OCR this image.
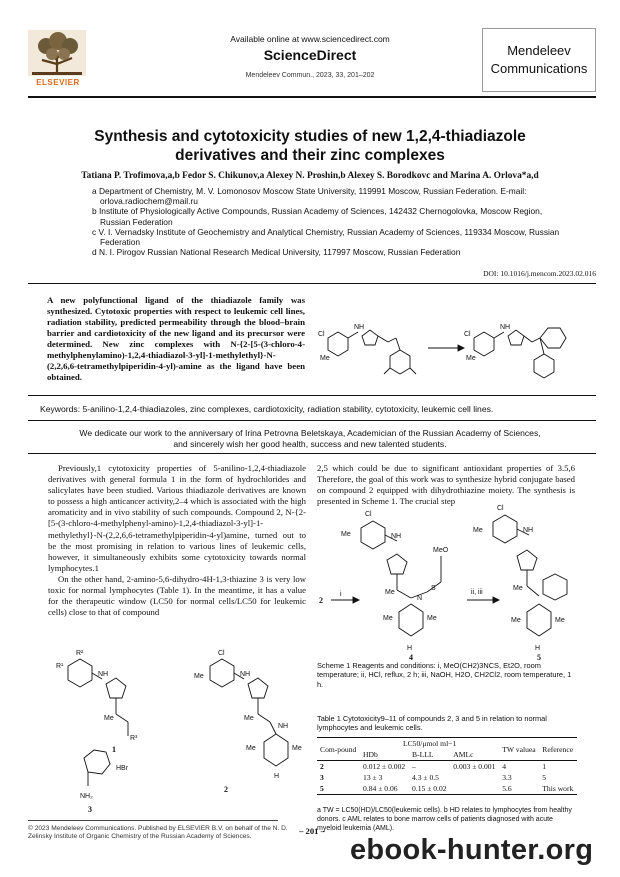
ELSEVIER
Available online at www.sciencedirect.com
ScienceDirect
Mendeleev Commun., 2023, 33, 201–202
Mendeleev
Communications
Synthesis and cytotoxicity studies of new 1,2,4-thiadiazole
derivatives and their zinc complexes
Tatiana P. Trofimova,a,b Fedor S. Chikunov,a Alexey N. Proshin,b Alexey S. Borodkovc and Marina A. Orlova*a,d
a Department of Chemistry, M. V. Lomonosov Moscow State University, 119991 Moscow, Russian Federation. E-mail: orlova.radiochem@mail.ru
b Institute of Physiologically Active Compounds, Russian Academy of Sciences, 142432 Chernogolovka, Moscow Region, Russian Federation
c V. I. Vernadsky Institute of Geochemistry and Analytical Chemistry, Russian Academy of Sciences, 119334 Moscow, Russian Federation
d N. I. Pirogov Russian National Research Medical University, 117997 Moscow, Russian Federation
DOI: 10.1016/j.mencom.2023.02.016
A new polyfunctional ligand of the thiadiazole family was synthesized. Cytotoxic properties with respect to leukemic cell lines, radiation stability, predicted permeability through the blood–brain barrier and cardiotoxicity of the new ligand and its precursor were determined. New zinc complexes with N-{2-[5-(3-chloro-4-methylphenylamino)-1,2,4-thiadiazol-3-yl]-1-methylethyl}-N-(2,2,6,6-tetramethylpiperidin-4-yl)-amine as the ligand have been obtained.
Cl
Me
NH
Cl
Me
NH
Keywords: 5-anilino-1,2,4-thiadiazoles, zinc complexes, cardiotoxicity, radiation stability, cytotoxicity, leukemic cell lines.
We dedicate our work to the anniversary of Irina Petrovna Beletskaya, Academician of the Russian Academy of Sciences,
and sincerely wish her good health, success and new talented students.

Previously,1 cytotoxicity properties of 5-anilino-1,2,4-thiadiazole derivatives with general formula 1 in the form of hydrochlorides and salicylates have been studied. Various thiadiazole derivatives are known to possess a high anticancer activity,2–4 which is associated with the high aromaticity and in vivo stability of such compounds. Compound 2, N-{2-[5-(3-chloro-4-methylphenyl-amino)-1,2,4-thiadiazol-3-yl]-1-methylethyl}-N-(2,2,6,6-tetramethylpiperidin-4-yl)amine, turned out to be the most promising in relation to various lines of leukemic cells, however, it simultaneously exhibits some cytotoxicity towards normal lymphocytes.1

On the other hand, 2-amino-5,6-dihydro-4H-1,3-thiazine 3 is very low toxic for normal lymphocytes (Table 1). In the meantime, it has a value for the therapeutic window (LC50 for normal cells/LC50 for leukemic cells) close to that of compound

R¹
R²
NH
Me
R³
1
HBr
NH₂
3
Cl
Me	NH
Me
NH
Me	Me
H
2

2,5 which could be due to significant antioxidant properties of 3.5,6 Therefore, the goal of this work was to synthesize hybrid conjugate based on compound 2 equipped with dihydrothiazine moiety. The synthesis is presented in Scheme 1. The crucial step

Cl
Me	NH
MeO
S
N
Me
Me	Me
H
4
2
i	ii, iii
Cl
Me	NH
Me
Me	Me
H
5
Scheme 1 Reagents and conditions: i, MeO(CH2)3NCS, Et2O, room temperature; ii, HCl, reflux, 2 h; iii, NaOH, H2O, CH2Cl2, room temperature, 1 h.
Table 1 Cytotoxicity9–11 of compounds 2, 3 and 5 in relation to normal lymphocytes and leukemic cells.
Com-pound	LC50/μmol ml−1			TW valuea	Reference
	HDb	B-LLL	AMLc		
2	0.012 ± 0.002	–	0.003 ± 0.001	4	1
3	13 ± 3	4.3 ± 0.5		3.3	5
5	0.84 ± 0.06	0.15 ± 0.02		5.6	This work
a TW = LC50(HD)/LC50(leukemic cells). b HD relates to lymphocytes from healthy donors. c AML relates to bone marrow cells of patients diagnosed with acute myeloid leukemia (AML).
© 2023 Mendeleev Communications. Published by ELSEVIER B.V. on behalf of the N. D. Zelinsky Institute of Organic Chemistry of the Russian Academy of Sciences.
– 201 –
ebook-hunter.org
